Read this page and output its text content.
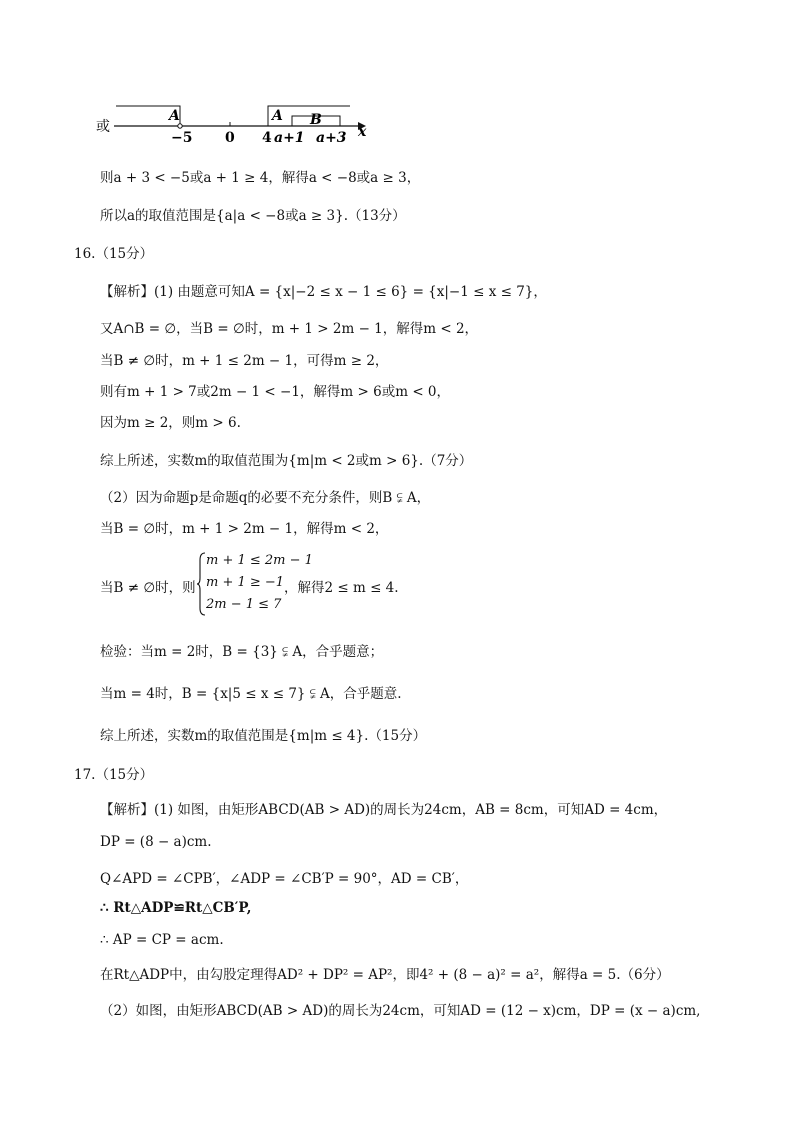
或
A	A B
−5 0 4 a+1 a+3 x
则a + 3 < −5或a + 1 ≥ 4，解得a < −8或a ≥ 3，
所以a的取值范围是{a|a < −8或a ≥ 3}.（13分）
16.（15分）
【解析】(1) 由题意可知A = {x|−2 ≤ x − 1 ≤ 6} = {x|−1 ≤ x ≤ 7}，
又A∩B = ∅，当B = ∅时，m + 1 > 2m − 1，解得m < 2，
当B ≠ ∅时，m + 1 ≤ 2m − 1，可得m ≥ 2，
则有m + 1 > 7或2m − 1 < −1，解得m > 6或m < 0，
因为m ≥ 2，则m > 6.
综上所述，实数m的取值范围为{m|m < 2或m > 6}.（7分）
（2）因为命题p是命题q的必要不充分条件，则B ⫋ A，
当B = ∅时，m + 1 > 2m − 1，解得m < 2，
当B ≠ ∅时，则
m + 1 ≤ 2m − 1
m + 1 ≥ −1
2m − 1 ≤ 7
，解得2 ≤ m ≤ 4.
检验：当m = 2时，B = {3} ⫋ A，合乎题意；
当m = 4时，B = {x|5 ≤ x ≤ 7} ⫋ A，合乎题意.
综上所述，实数m的取值范围是{m|m ≤ 4}.（15分）
17.（15分）
【解析】(1) 如图，由矩形ABCD(AB > AD)的周长为24cm，AB = 8cm，可知AD = 4cm，
DP = (8 − a)cm.
Q∠APD = ∠CPB′，∠ADP = ∠CB′P = 90°，AD = CB′，
∴ Rt△ADP≌Rt△CB′P,
∴ AP = CP = acm.
在Rt△ADP中，由勾股定理得AD² + DP² = AP²，即4² + (8 − a)² = a²，解得a = 5.（6分）
（2）如图，由矩形ABCD(AB > AD)的周长为24cm，可知AD = (12 − x)cm，DP = (x − a)cm,
